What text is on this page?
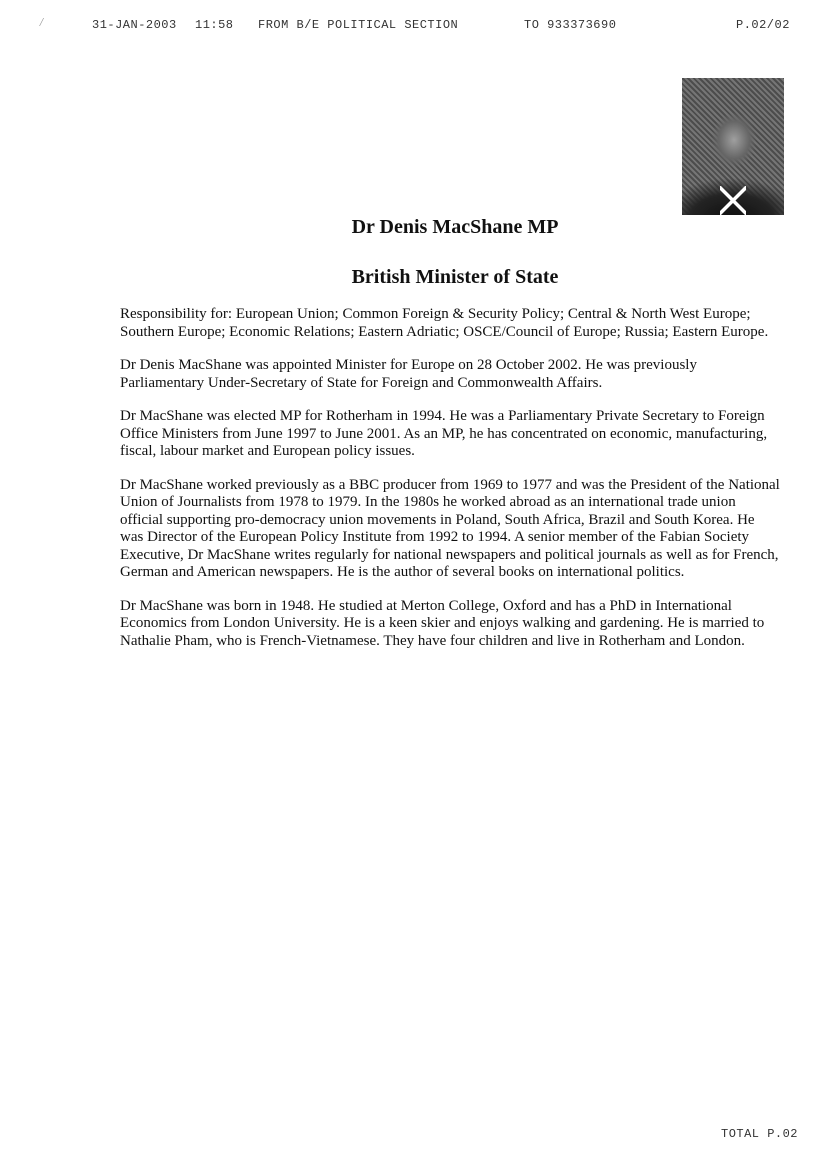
⁄	31-JAN-2003 11:58 FROM B/E POLITICAL SECTION	TO 933373690	P.02/02
Dr Denis MacShane MP
British Minister of State

Responsibility for: European Union; Common Foreign & Security Policy; Central & North West Europe; Southern Europe; Economic Relations; Eastern Adriatic; OSCE/Council of Europe; Russia; Eastern Europe.

Dr Denis MacShane was appointed Minister for Europe on 28 October 2002. He was previously Parliamentary Under-Secretary of State for Foreign and Commonwealth Affairs.

Dr MacShane was elected MP for Rotherham in 1994. He was a Parliamentary Private Secretary to Foreign Office Ministers from June 1997 to June 2001. As an MP, he has concentrated on economic, manufacturing, fiscal, labour market and European policy issues.

Dr MacShane worked previously as a BBC producer from 1969 to 1977 and was the President of the National Union of Journalists from 1978 to 1979. In the 1980s he worked abroad as an international trade union official supporting pro-democracy union movements in Poland, South Africa, Brazil and South Korea. He was Director of the European Policy Institute from 1992 to 1994. A senior member of the Fabian Society Executive, Dr MacShane writes regularly for national newspapers and political journals as well as for French, German and American newspapers. He is the author of several books on international politics.

Dr MacShane was born in 1948. He studied at Merton College, Oxford and has a PhD in International Economics from London University. He is a keen skier and enjoys walking and gardening. He is married to Nathalie Pham, who is French-Vietnamese. They have four children and live in Rotherham and London.

TOTAL P.02
